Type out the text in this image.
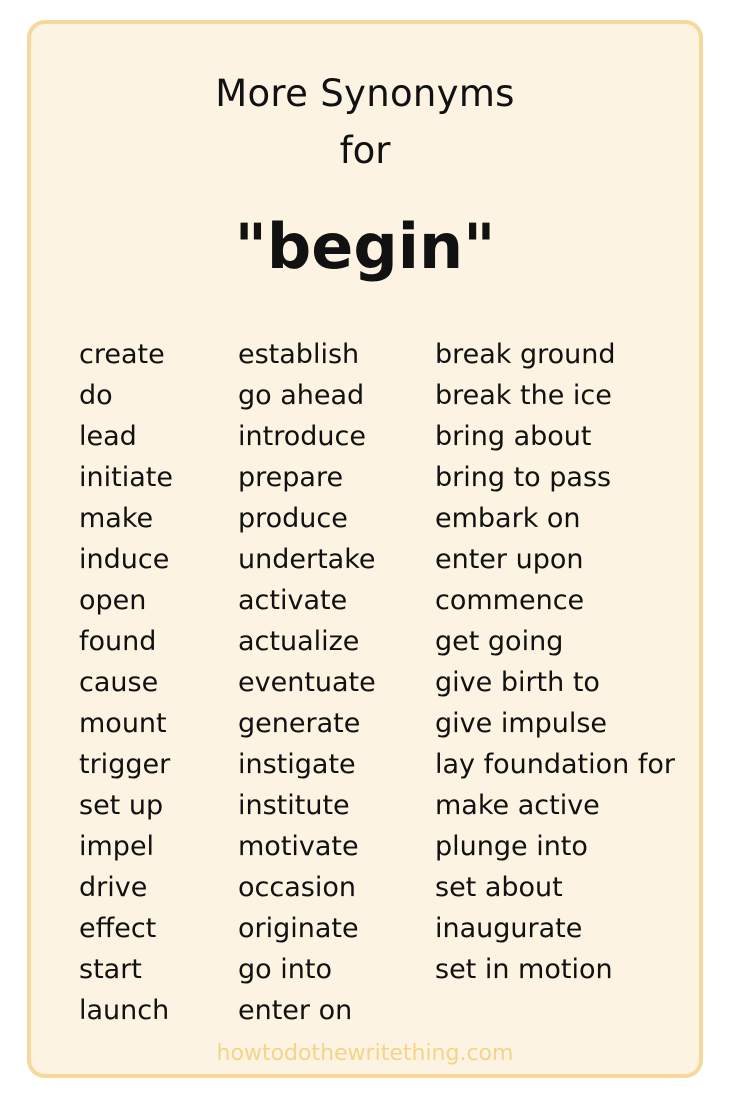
More Synonyms
for
"begin"
create
do
lead
initiate
make
induce
open
found
cause
mount
trigger
set up
impel
drive
effect
start
launch
establish
go ahead
introduce
prepare
produce
undertake
activate
actualize
eventuate
generate
instigate
institute
motivate
occasion
originate
go into
enter on
break ground
break the ice
bring about
bring to pass
embark on
enter upon
commence
get going
give birth to
give impulse
lay foundation for
make active
plunge into
set about
inaugurate
set in motion
howtodothewritething.com
